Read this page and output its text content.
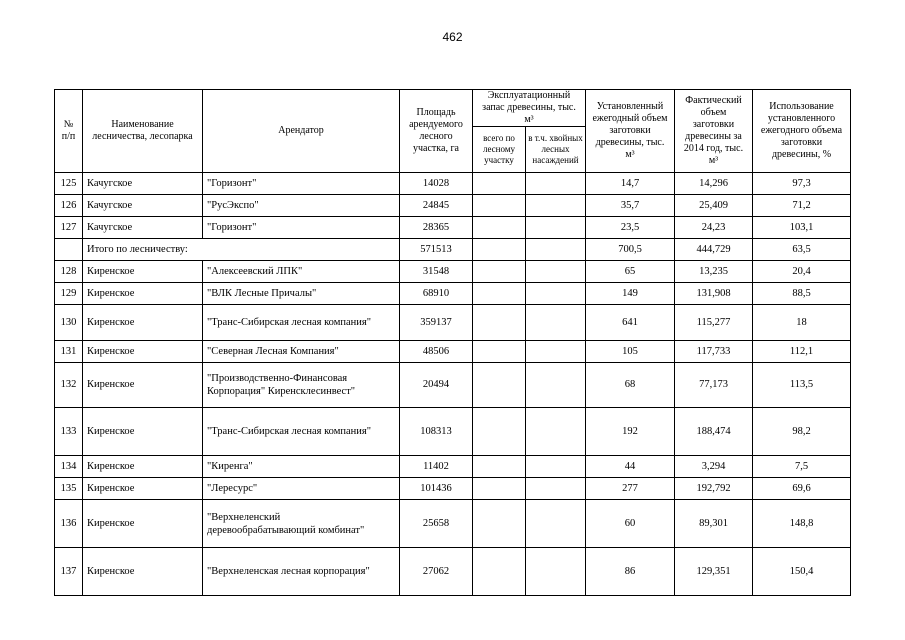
462
№ п/п	Наименование лесничества, лесопарка	Арендатор	Площадь арендуемого лесного участка, га	Эксплуатационный запас древесины, тыс. м³		Установленный ежегодный объем заготовки древесины, тыс. м³	Фактический объем заготовки древесины за 2014 год, тыс. м³	Использование установленного ежегодного объема заготовки древесины, %
				всего по лесному участку	в т.ч. хвойных лесных насаждений			
125	Качугское	"Горизонт"	14028			14,7	14,296	97,3
126	Качугское	"РусЭкспо"	24845			35,7	25,409	71,2
127	Качугское	"Горизонт"	28365			23,5	24,23	103,1
	Итого по лесничеству:		571513			700,5	444,729	63,5
128	Киренское	"Алексеевский ЛПК"	31548			65	13,235	20,4
129	Киренское	"ВЛК Лесные Причалы"	68910			149	131,908	88,5
130	Киренское	"Транс-Сибирская лесная компания"	359137			641	115,277	18
131	Киренское	"Северная Лесная Компания"	48506			105	117,733	112,1
132	Киренское	"Производственно-Финансовая
Корпорация" Киренсклесинвест"	20494			68	77,173	113,5
133	Киренское	"Транс-Сибирская лесная компания"	108313			192	188,474	98,2
134	Киренское	"Киренга"	11402			44	3,294	7,5
135	Киренское	"Леpесурс"	101436			277	192,792	69,6
136	Киренское	"Верхнеленский
деревообрабатывающий комбинат"	25658			60	89,301	148,8
137	Киренское	"Верхнеленская лесная корпорация"	27062			86	129,351	150,4
